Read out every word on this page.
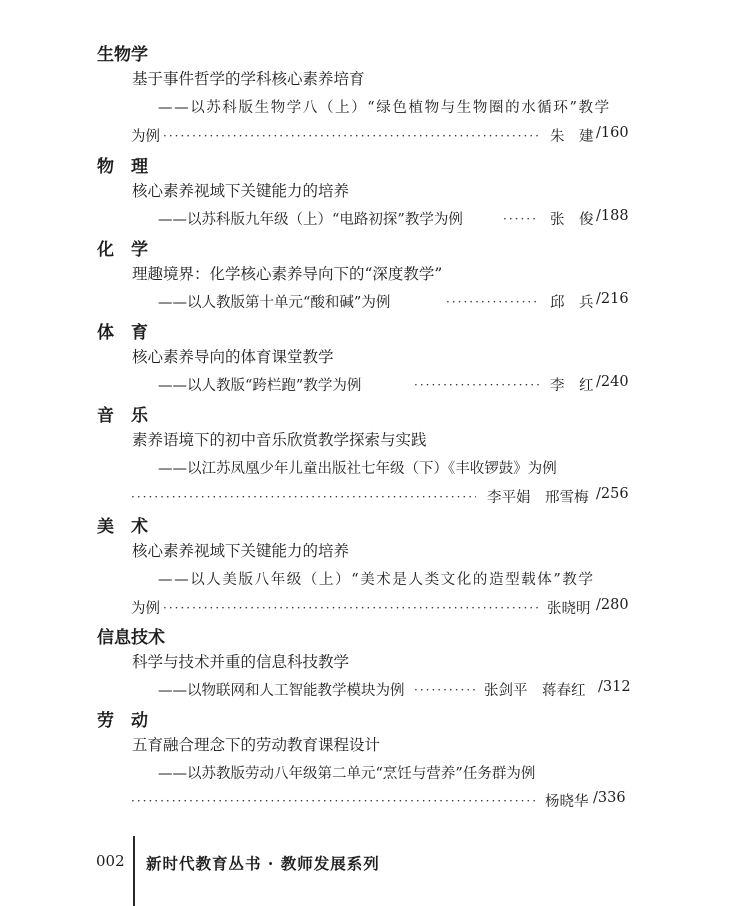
生物学
基于事件哲学的学科核心素养培育
——以苏科版生物学八（上）“绿色植物与生物圈的水循环”教学
为例 ·····	朱　建 /160
物　理
核心素养视域下关键能力的培养
——以苏科版九年级（上）“电路初探”教学为例 ·····	张　俊 /188
化　学
理趣境界：化学核心素养导向下的“深度教学”
——以人教版第十单元“酸和碱”为例 ·····	邱　兵 /216
体　育
核心素养导向的体育课堂教学
——以人教版“跨栏跑”教学为例 ·····	李　红 /240
音　乐
素养语境下的初中音乐欣赏教学探索与实践
——以江苏凤凰少年儿童出版社七年级（下）《丰收锣鼓》为例
·····
李平娟　邢雪梅 /256
美　术
核心素养视域下关键能力的培养
——以人美版八年级（上）“美术是人类文化的造型载体”教学
为例 ·····	张晓明 /280
信息技术
科学与技术并重的信息科技教学
——以物联网和人工智能教学模块为例 ·····	张剑平　蒋春红 /312
劳　动
五育融合理念下的劳动教育课程设计
——以苏教版劳动八年级第二单元“烹饪与营养”任务群为例
·····
杨晓华 /336
002 新时代教育丛书 · 教师发展系列
